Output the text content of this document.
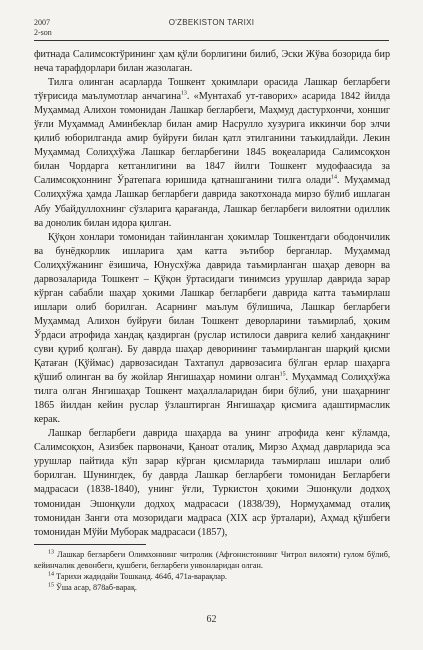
2007
2-son
O'ZBEKISTON TARIXI

фитнада Салимсоктўрининг ҳам қўли борлигини билиб, Эски Жўва бозорида бир неча тарафдорлари билан жазолаган.

Тилга олинган асарларда Тошкент ҳокимлари орасида Лашкар бегларбеги тўғрисида маълумотлар анчагина$^{13}$. «Мунтахаб ут-таворих» асарида 1842 йилда Муҳаммад Алихон томонидан Лашкар бегларбеги, Маҳмуд дастурхончи, хоншиг ўғли Муҳаммад Аминбеклар билан амир Насрулло хузурига иккинчи бор элчи қилиб юборилганда амир буйруғи билан қатл этилганини таъкидлайди. Лекин Муҳаммад Солиҳхўжа Лашкар бегларбегини 1845 воқеаларида Салимсоқхон билан Чордарга кетганлигини ва 1847 йилги Тошкент мудофаасида за Салимсоқхоннинг Ўратепага юришида қатнашганини тилга олади$^{14}$. Муҳаммад Солиҳхўжа ҳамда Лашкар бегларбеги даврида закотхонада мирзо бўлиб ишлаган Абу Убайдуллохнинг сўзларига қарағанда, Лашкар бегларбеги вилоятни одиллик ва донолик билан идора қилган.

Қўқон хонлари томонидан тайинланган ҳокимлар Тошкентдаги ободончилик ва бунёдкорлик ишларига ҳам катта эътибор берганлар. Муҳаммад Солиҳхўжанинг ёзишича, Юнусхўжа даврида таъмирланган шаҳар деворн ва дарвозаларида Тошкент – Қўқон ўртасидаги тинимсиз урушлар даврида зарар кўрган сабабли шаҳар ҳокими Лашкар бегларбеги даврида катта таъмирлаш ишлари олиб борилган. Асарнинг маълум бўлишича, Лашкар бегларбеги Муҳаммад Алихон буйруғи билан Тошкент деворларини таъмирлаб, ҳоким Ўрдаси атрофида хандақ қаздирган (руслар истилоси даврига келиб хандақнинг суви қуриб қолган). Бу даврда шаҳар деворининг таъмирланган шарқий қисми Қатаған (Қўймас) дарвозасидан Тахтапул дарвозасига бўлган ерлар шаҳарга қўшиб олинган ва бу жойлар Янгишаҳар номини олган$^{15}$. Муҳаммад Солиҳхўжа тилга олган Янгишаҳар Тошкент маҳаллаларидан бири бўлиб, уни шаҳарнинг 1865 йилдан кейин руслар ўзлаштирган Янгишаҳар қисмига адаштирмаслик керак.

Лашкар бегларбеги даврида шаҳарда ва унинг атрофида кенг кўламда, Салимсоқхон, Азизбек парвоначи, Қаноат оталиқ, Мирзо Аҳмад даврларида эса урушлар пайтида кўп зарар кўрган қисмларида таъмирлаш ишлари олиб борилган. Шунингдек, бу даврда Лашкар бегларбеги томонидан Бегларбеги мадрасаси (1838-1840), унинг ўғли, Туркистон ҳокими Эшонқули додхоҳ томонидан Эшонқули додхоҳ мадрасаси (1838/39), Нормуҳаммад оталиқ томонидан Занги ота мозоридаги мадраса (XIX аср ўрталари), Аҳмад қўшбеги томонидан Мўйи Муборак мадрасаси (1857),

$^{13}$ Лашкар бегларбеги Олимхоннинг читролик (Афғонистоннинг Читрол вилояти) ғулом бўлиб, кейинчалик девонбеги, қушбеги, бегларбеги унвонларидан олган.

$^{14}$ Тарихи жадидайи Тошканд. 464б, 471а-варақлар.

$^{15}$ Ўша асар, 878аб-варақ.

62
